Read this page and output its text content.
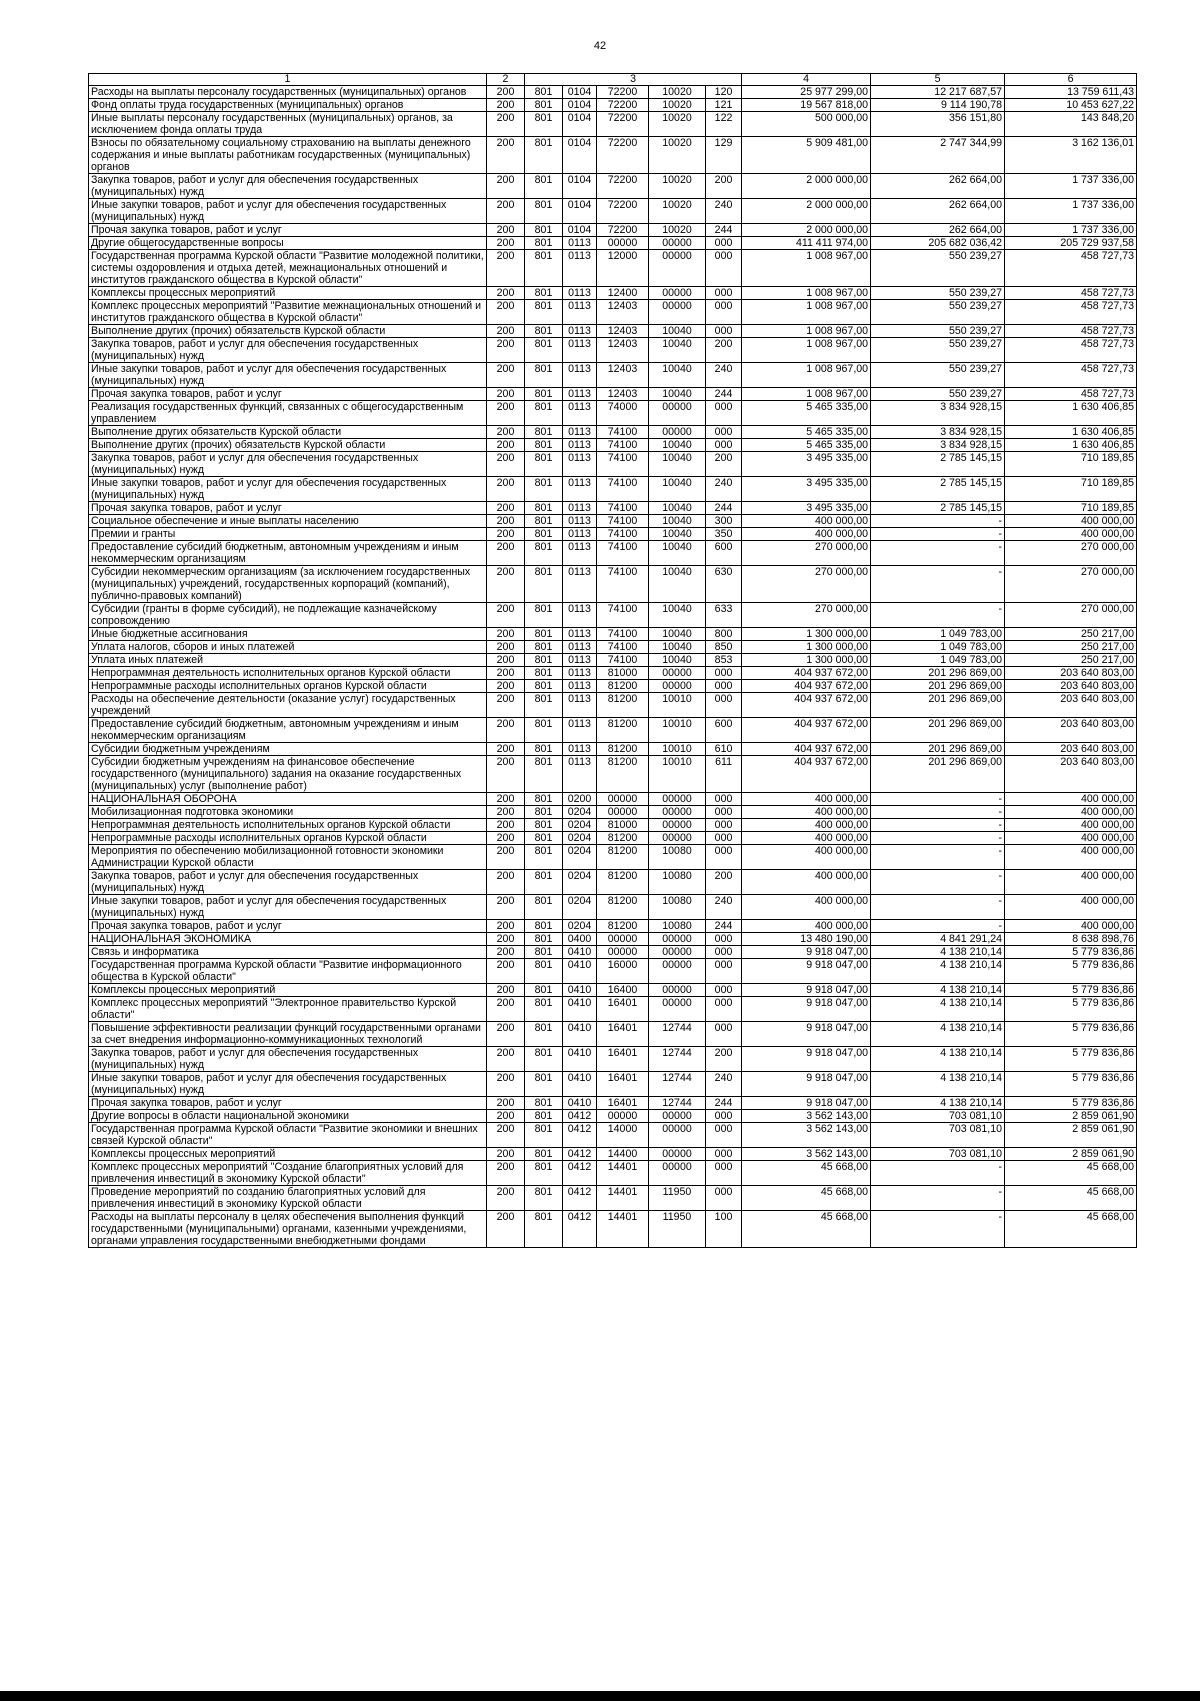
42
1	2	3					4	5	6
Расходы на выплаты персоналу государственных (муниципальных) органов	200	801	0104	72200	10020	120	25 977 299,00	12 217 687,57	13 759 611,43
Фонд оплаты труда государственных (муниципальных) органов	200	801	0104	72200	10020	121	19 567 818,00	9 114 190,78	10 453 627,22
Иные выплаты персоналу государственных (муниципальных) органов, за исключением фонда оплаты труда	200	801	0104	72200	10020	122	500 000,00	356 151,80	143 848,20
Взносы по обязательному социальному страхованию на выплаты денежного содержания и иные выплаты работникам государственных (муниципальных) органов	200	801	0104	72200	10020	129	5 909 481,00	2 747 344,99	3 162 136,01
Закупка товаров, работ и услуг для обеспечения государственных (муниципальных) нужд	200	801	0104	72200	10020	200	2 000 000,00	262 664,00	1 737 336,00
Иные закупки товаров, работ и услуг для обеспечения государственных (муниципальных) нужд	200	801	0104	72200	10020	240	2 000 000,00	262 664,00	1 737 336,00
Прочая закупка товаров, работ и услуг	200	801	0104	72200	10020	244	2 000 000,00	262 664,00	1 737 336,00
Другие общегосударственные вопросы	200	801	0113	00000	00000	000	411 411 974,00	205 682 036,42	205 729 937,58
Государственная программа Курской области "Развитие молодежной политики, системы оздоровления и отдыха детей, межнациональных отношений и институтов гражданского общества в Курской области"	200	801	0113	12000	00000	000	1 008 967,00	550 239,27	458 727,73
Комплексы процессных мероприятий	200	801	0113	12400	00000	000	1 008 967,00	550 239,27	458 727,73
Комплекс процессных мероприятий "Развитие межнациональных отношений и институтов гражданского общества в Курской области"	200	801	0113	12403	00000	000	1 008 967,00	550 239,27	458 727,73
Выполнение других (прочих) обязательств Курской области	200	801	0113	12403	10040	000	1 008 967,00	550 239,27	458 727,73
Закупка товаров, работ и услуг для обеспечения государственных (муниципальных) нужд	200	801	0113	12403	10040	200	1 008 967,00	550 239,27	458 727,73
Иные закупки товаров, работ и услуг для обеспечения государственных (муниципальных) нужд	200	801	0113	12403	10040	240	1 008 967,00	550 239,27	458 727,73
Прочая закупка товаров, работ и услуг	200	801	0113	12403	10040	244	1 008 967,00	550 239,27	458 727,73
Реализация государственных функций, связанных с общегосударственным управлением	200	801	0113	74000	00000	000	5 465 335,00	3 834 928,15	1 630 406,85
Выполнение других обязательств Курской области	200	801	0113	74100	00000	000	5 465 335,00	3 834 928,15	1 630 406,85
Выполнение других (прочих) обязательств Курской области	200	801	0113	74100	10040	000	5 465 335,00	3 834 928,15	1 630 406,85
Закупка товаров, работ и услуг для обеспечения государственных (муниципальных) нужд	200	801	0113	74100	10040	200	3 495 335,00	2 785 145,15	710 189,85
Иные закупки товаров, работ и услуг для обеспечения государственных (муниципальных) нужд	200	801	0113	74100	10040	240	3 495 335,00	2 785 145,15	710 189,85
Прочая закупка товаров, работ и услуг	200	801	0113	74100	10040	244	3 495 335,00	2 785 145,15	710 189,85
Социальное обеспечение и иные выплаты населению	200	801	0113	74100	10040	300	400 000,00	-	400 000,00
Премии и гранты	200	801	0113	74100	10040	350	400 000,00	-	400 000,00
Предоставление субсидий бюджетным, автономным учреждениям и иным некоммерческим организациям	200	801	0113	74100	10040	600	270 000,00	-	270 000,00
Субсидии некоммерческим организациям (за исключением государственных (муниципальных) учреждений, государственных корпораций (компаний), публично-правовых компаний)	200	801	0113	74100	10040	630	270 000,00	-	270 000,00
Субсидии (гранты в форме субсидий), не подлежащие казначейскому сопровождению	200	801	0113	74100	10040	633	270 000,00	-	270 000,00
Иные бюджетные ассигнования	200	801	0113	74100	10040	800	1 300 000,00	1 049 783,00	250 217,00
Уплата налогов, сборов и иных платежей	200	801	0113	74100	10040	850	1 300 000,00	1 049 783,00	250 217,00
Уплата иных платежей	200	801	0113	74100	10040	853	1 300 000,00	1 049 783,00	250 217,00
Непрограммная деятельность исполнительных органов Курской области	200	801	0113	81000	00000	000	404 937 672,00	201 296 869,00	203 640 803,00
Непрограммные расходы исполнительных органов Курской области	200	801	0113	81200	00000	000	404 937 672,00	201 296 869,00	203 640 803,00
Расходы на обеспечение деятельности (оказание услуг) государственных учреждений	200	801	0113	81200	10010	000	404 937 672,00	201 296 869,00	203 640 803,00
Предоставление субсидий бюджетным, автономным учреждениям и иным некоммерческим организациям	200	801	0113	81200	10010	600	404 937 672,00	201 296 869,00	203 640 803,00
Субсидии бюджетным учреждениям	200	801	0113	81200	10010	610	404 937 672,00	201 296 869,00	203 640 803,00
Субсидии бюджетным учреждениям на финансовое обеспечение государственного (муниципального) задания на оказание государственных (муниципальных) услуг (выполнение работ)	200	801	0113	81200	10010	611	404 937 672,00	201 296 869,00	203 640 803,00
НАЦИОНАЛЬНАЯ ОБОРОНА	200	801	0200	00000	00000	000	400 000,00	-	400 000,00
Мобилизационная подготовка экономики	200	801	0204	00000	00000	000	400 000,00	-	400 000,00
Непрограммная деятельность исполнительных органов Курской области	200	801	0204	81000	00000	000	400 000,00	-	400 000,00
Непрограммные расходы исполнительных органов Курской области	200	801	0204	81200	00000	000	400 000,00	-	400 000,00
Мероприятия по обеспечению мобилизационной готовности экономики Администрации Курской области	200	801	0204	81200	10080	000	400 000,00	-	400 000,00
Закупка товаров, работ и услуг для обеспечения государственных (муниципальных) нужд	200	801	0204	81200	10080	200	400 000,00	-	400 000,00
Иные закупки товаров, работ и услуг для обеспечения государственных (муниципальных) нужд	200	801	0204	81200	10080	240	400 000,00	-	400 000,00
Прочая закупка товаров, работ и услуг	200	801	0204	81200	10080	244	400 000,00	-	400 000,00
НАЦИОНАЛЬНАЯ ЭКОНОМИКА	200	801	0400	00000	00000	000	13 480 190,00	4 841 291,24	8 638 898,76
Связь и информатика	200	801	0410	00000	00000	000	9 918 047,00	4 138 210,14	5 779 836,86
Государственная программа Курской области "Развитие информационного общества в Курской области"	200	801	0410	16000	00000	000	9 918 047,00	4 138 210,14	5 779 836,86
Комплексы процессных мероприятий	200	801	0410	16400	00000	000	9 918 047,00	4 138 210,14	5 779 836,86
Комплекс процессных мероприятий "Электронное правительство Курской области"	200	801	0410	16401	00000	000	9 918 047,00	4 138 210,14	5 779 836,86
Повышение эффективности реализации функций государственными органами за счет внедрения информационно-коммуникационных технологий	200	801	0410	16401	12744	000	9 918 047,00	4 138 210,14	5 779 836,86
Закупка товаров, работ и услуг для обеспечения государственных (муниципальных) нужд	200	801	0410	16401	12744	200	9 918 047,00	4 138 210,14	5 779 836,86
Иные закупки товаров, работ и услуг для обеспечения государственных (муниципальных) нужд	200	801	0410	16401	12744	240	9 918 047,00	4 138 210,14	5 779 836,86
Прочая закупка товаров, работ и услуг	200	801	0410	16401	12744	244	9 918 047,00	4 138 210,14	5 779 836,86
Другие вопросы в области национальной экономики	200	801	0412	00000	00000	000	3 562 143,00	703 081,10	2 859 061,90
Государственная программа Курской области "Развитие экономики и внешних связей Курской области"	200	801	0412	14000	00000	000	3 562 143,00	703 081,10	2 859 061,90
Комплексы процессных мероприятий	200	801	0412	14400	00000	000	3 562 143,00	703 081,10	2 859 061,90
Комплекс процессных мероприятий "Создание благоприятных условий для привлечения инвестиций в экономику Курской области"	200	801	0412	14401	00000	000	45 668,00	-	45 668,00
Проведение мероприятий по созданию благоприятных условий для привлечения инвестиций в экономику Курской области	200	801	0412	14401	11950	000	45 668,00	-	45 668,00
Расходы на выплаты персоналу в целях обеспечения выполнения функций государственными (муниципальными) органами, казенными учреждениями, органами управления государственными внебюджетными фондами	200	801	0412	14401	11950	100	45 668,00	-	45 668,00
